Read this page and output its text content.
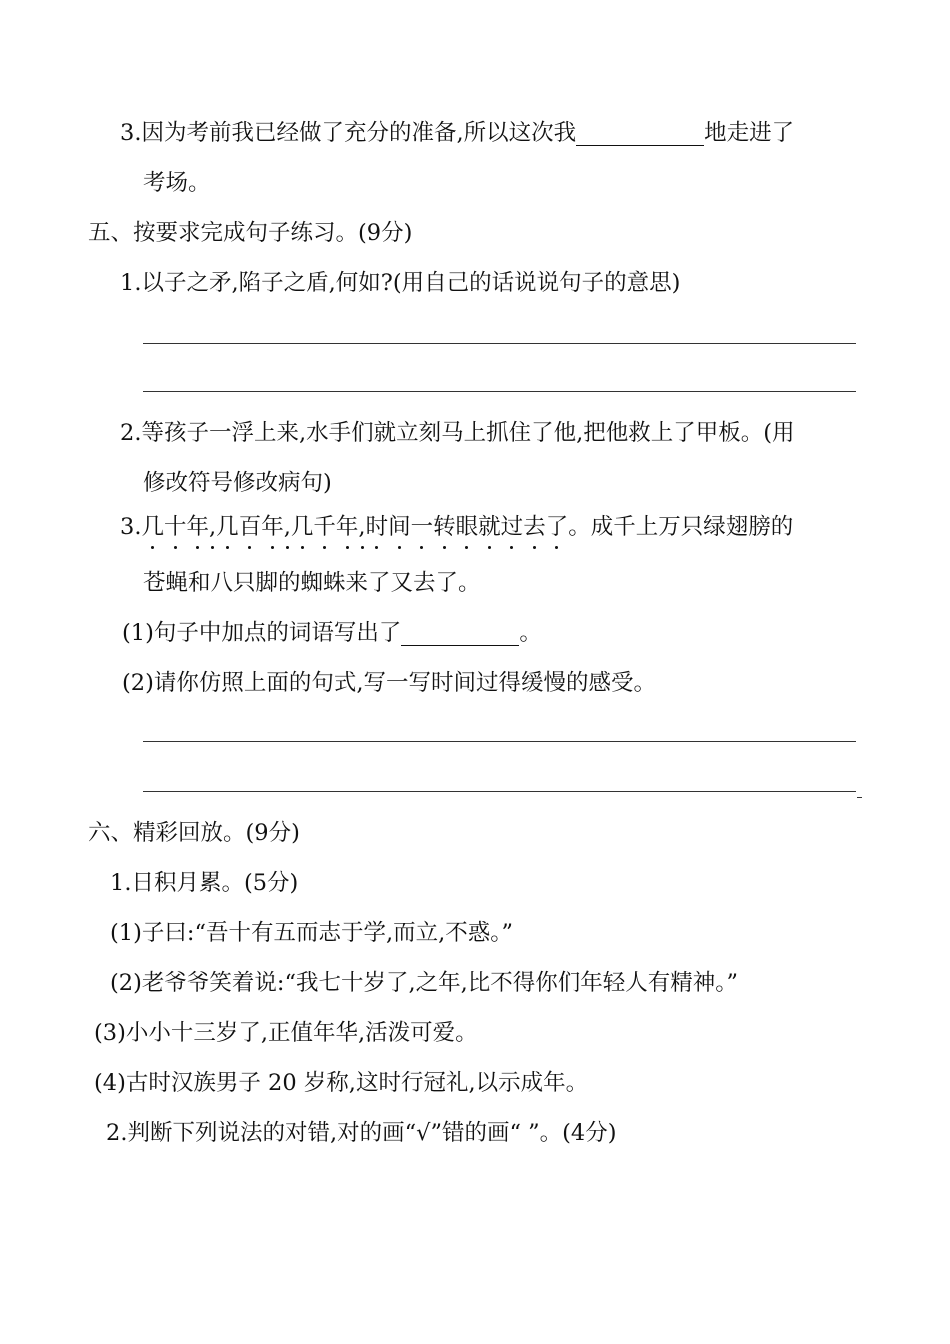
3.因为考前我已经做了充分的准备,所以这次我	地走进了
考场。
五、按要求完成句子练习。(9分)
1.以子之矛,陷子之盾,何如?(用自己的话说说句子的意思)
2.等孩子一浮上来,水手们就立刻马上抓住了他,把他救上了甲板。(用
修改符号修改病句)
3.几十年,几百年,几千年,时间一转眼就过去了。成千上万只绿翅膀的
苍蝇和八只脚的蜘蛛来了又去了。
(1)句子中加点的词语写出了	。
(2)请你仿照上面的句式,写一写时间过得缓慢的感受。
六、精彩回放。(9分)
1.日积月累。(5分)
(1)子曰:“吾十有五而志于学,而立,不惑。”
(2)老爷爷笑着说:“我七十岁了,之年,比不得你们年轻人有精神。”
(3)小小十三岁了,正值年华,活泼可爱。
(4)古时汉族男子 20 岁称,这时行冠礼,以示成年。
2.判断下列说法的对错,对的画“√”错的画“ ”。(4分)
